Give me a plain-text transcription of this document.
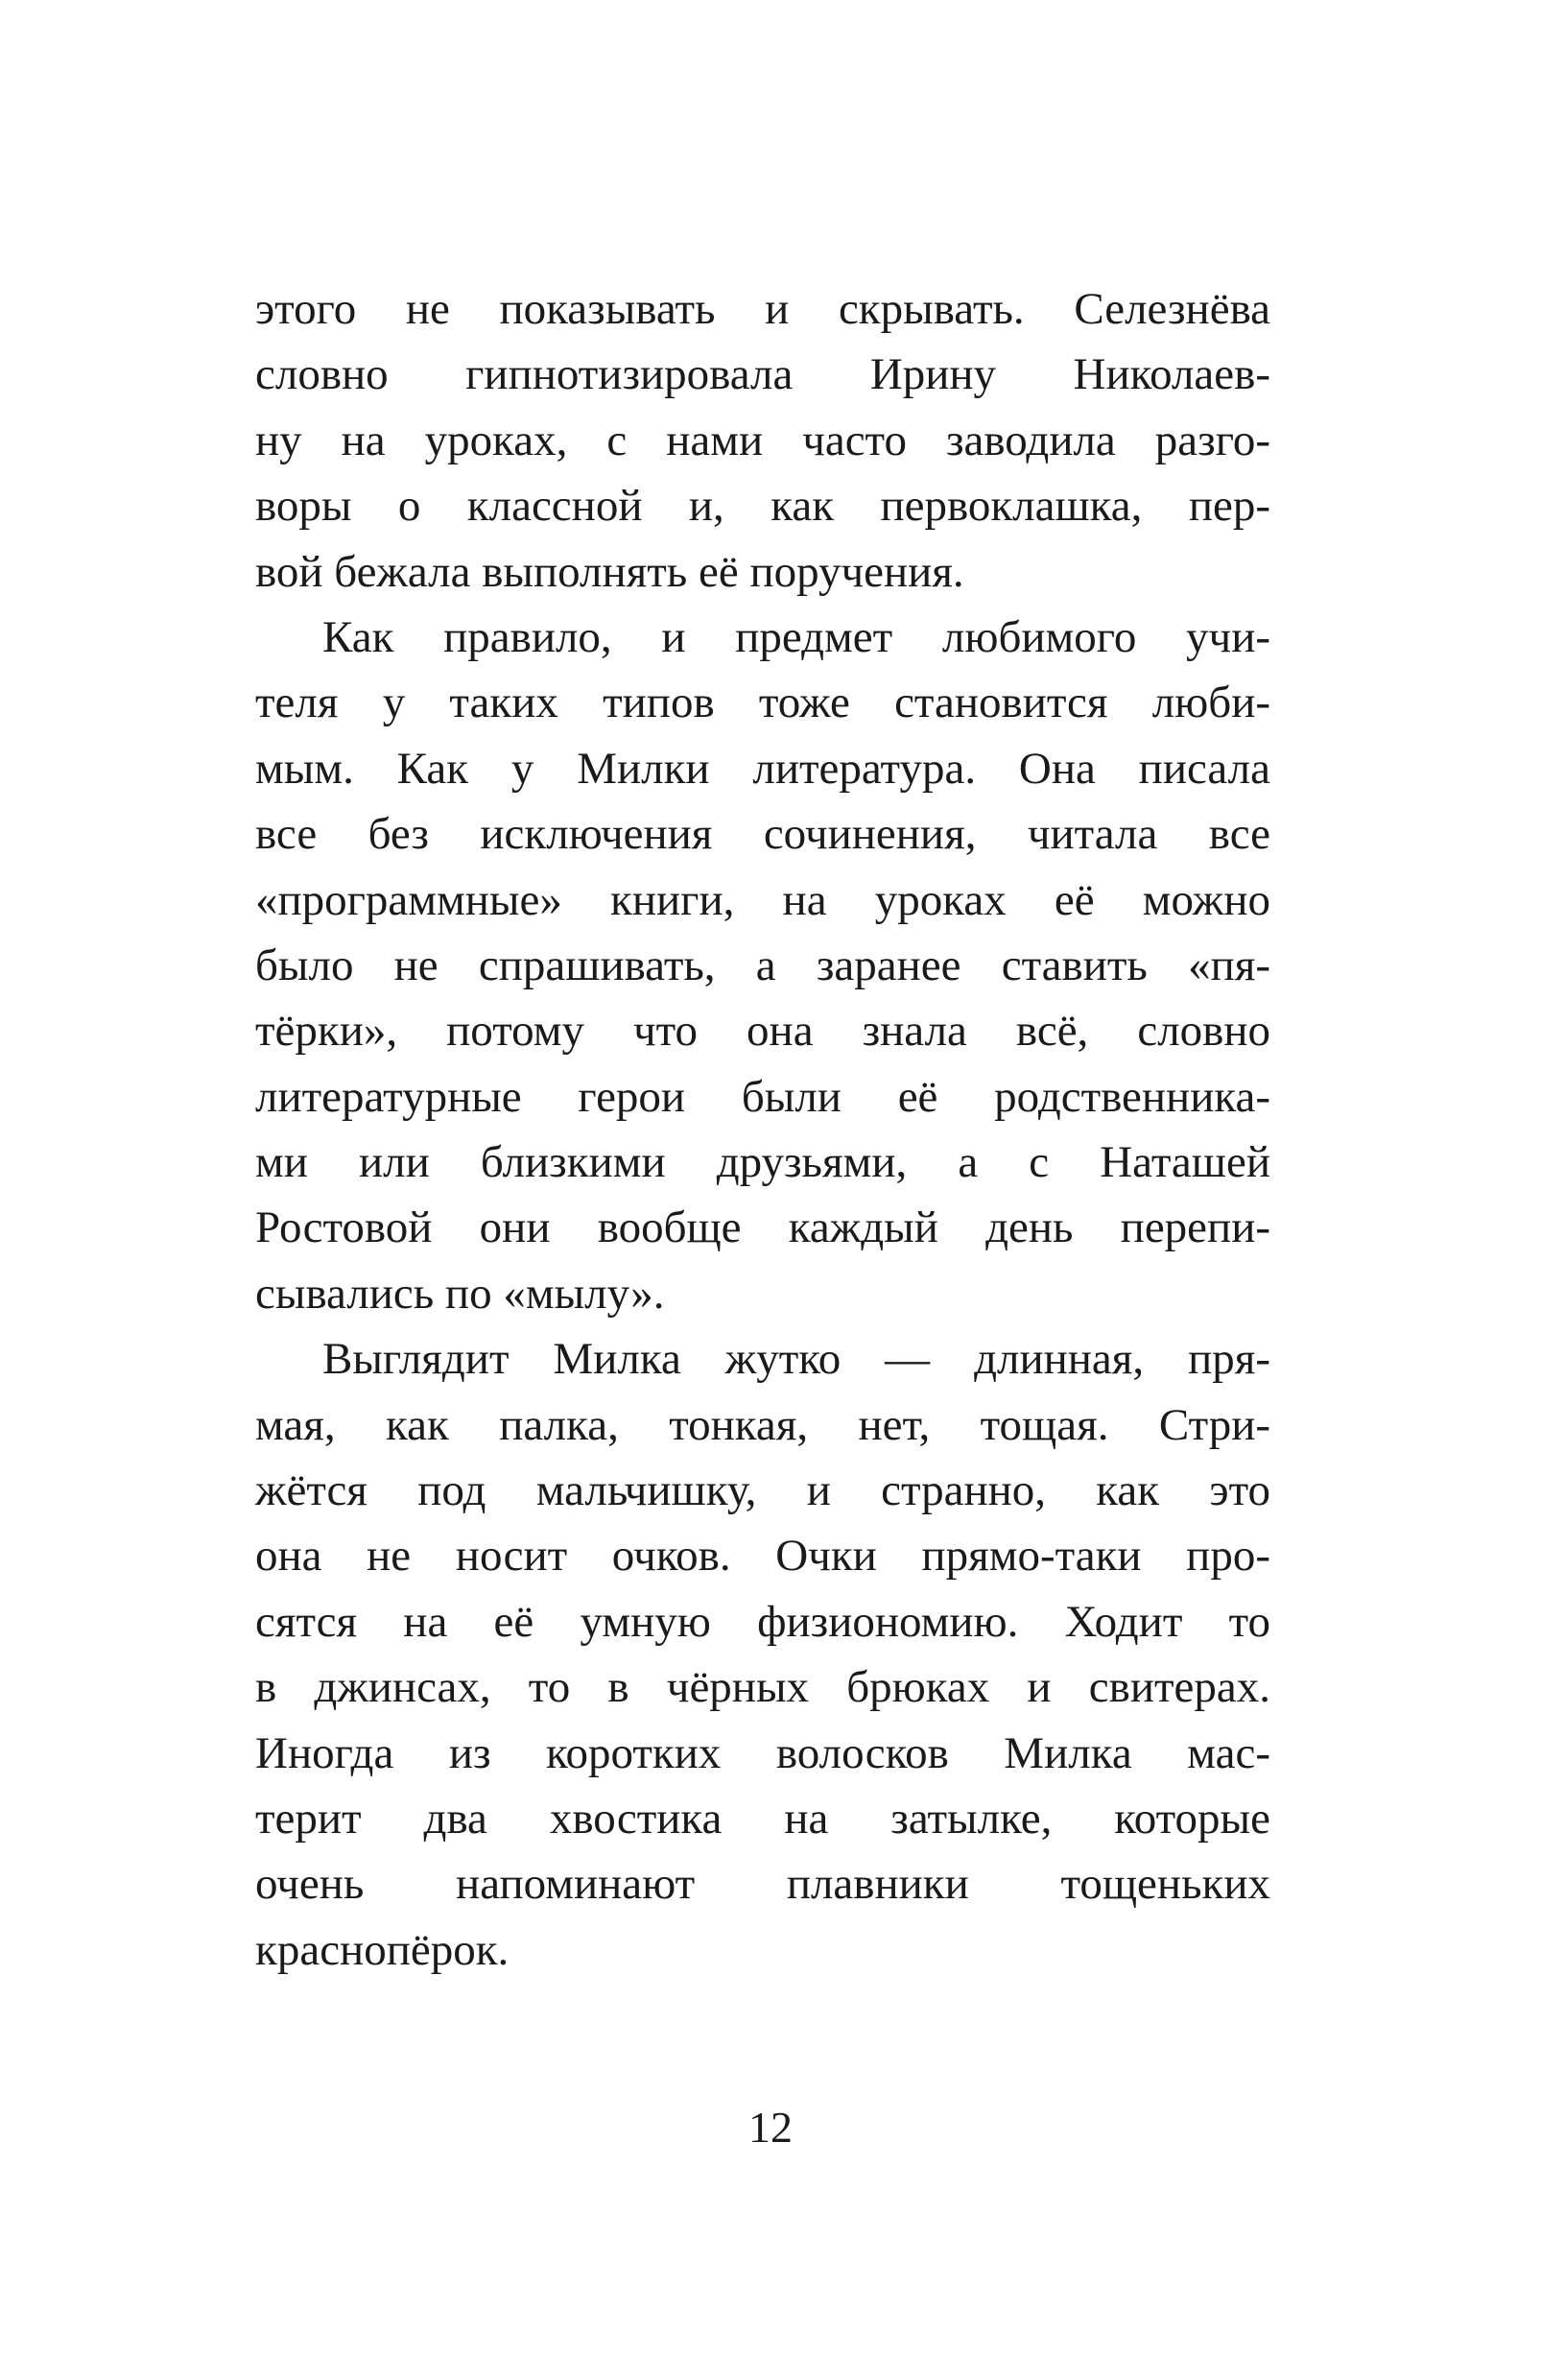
этого не показывать и скрывать. Селезнёва
словно гипнотизировала Ирину Николаев-
ну на уроках, с нами часто заводила разго-
воры о классной и, как первоклашка, пер-
вой бежала выполнять её поручения.
Как правило, и предмет любимого учи-
теля у таких типов тоже становится люби-
мым. Как у Милки литература. Она писала
все без исключения сочинения, читала все
«программные» книги, на уроках её можно
было не спрашивать, а заранее ставить «пя-
тёрки», потому что она знала всё, словно
литературные герои были её родственника-
ми или близкими друзьями, а с Наташей
Ростовой они вообще каждый день перепи-
сывались по «мылу».
Выглядит Милка жутко — длинная, пря-
мая, как палка, тонкая, нет, тощая. Стри-
жётся под мальчишку, и странно, как это
она не носит очков. Очки прямо-таки про-
сятся на её умную физиономию. Ходит то
в джинсах, то в чёрных брюках и свитерах.
Иногда из коротких волосков Милка мас-
терит два хвостика на затылке, которые
очень напоминают плавники тощеньких
краснопёрок.
12
